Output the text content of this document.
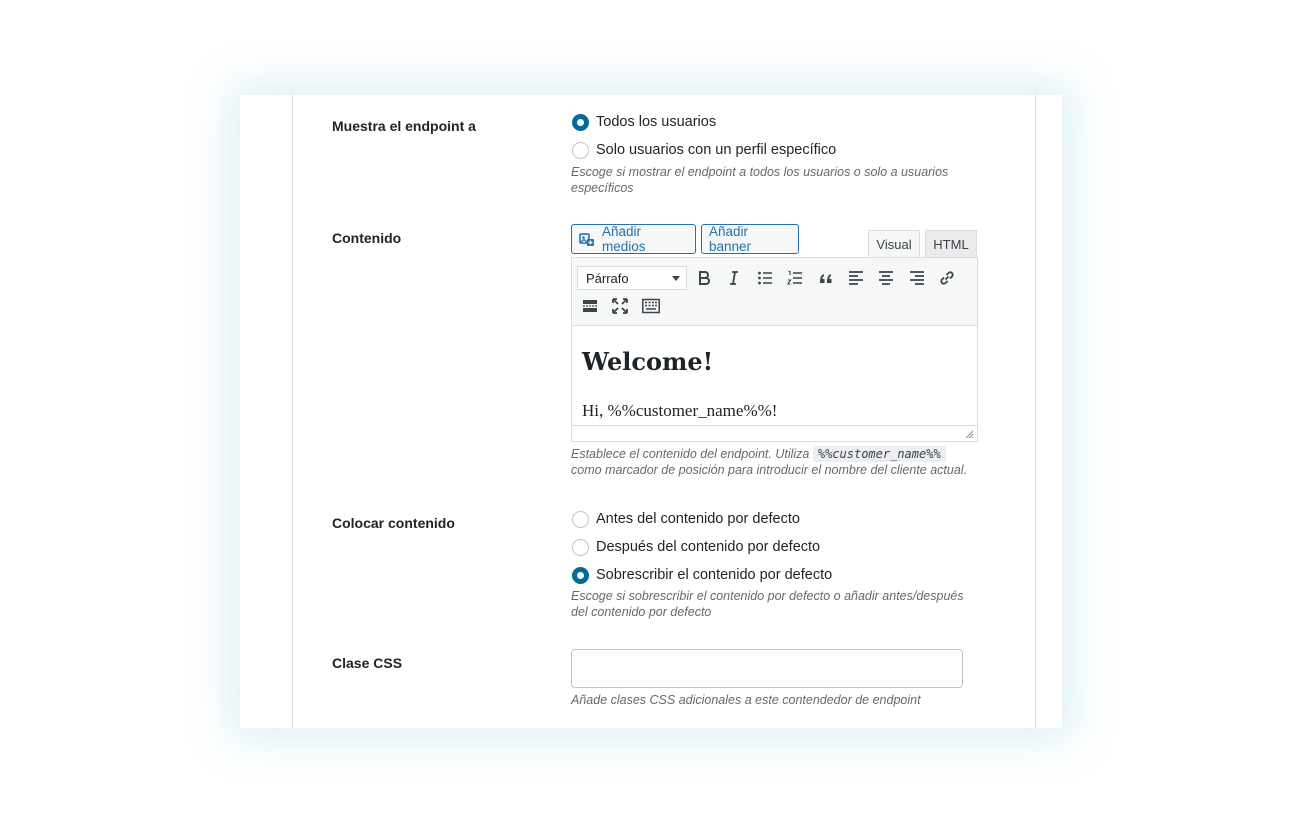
Muestra el endpoint a	Todos los usuarios
Solo usuarios con un perfil específico
Escoge si mostrar el endpoint a todos los usuarios o solo a usuarios
específicos
Contenido	Añadir medios
Añadir banner	Visual	HTML
Párrafo
Welcome!
Hi, %%customer_name%%!
Establece el contenido del endpoint. Utiliza %%customer_name%%
como marcador de posición para introducir el nombre del cliente actual.
Colocar contenido	Antes del contenido por defecto
Después del contenido por defecto
Sobrescribir el contenido por defecto
Escoge si sobrescribir el contenido por defecto o añadir antes/después
del contenido por defecto
Clase CSS
Añade clases CSS adicionales a este contendedor de endpoint
